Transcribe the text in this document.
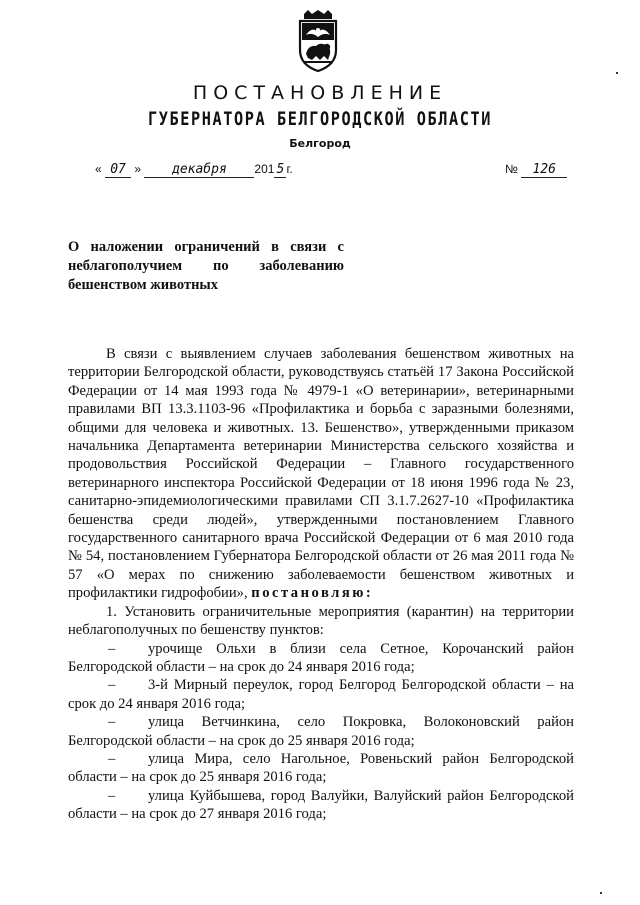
ПОСТАНОВЛЕНИЕ
ГУБЕРНАТОРА БЕЛГОРОДСКОЙ ОБЛАСТИ
Белгород
« 07 » декабря 201 5 г.	№ 126
О наложении ограничений в связи с
неблагополучием по заболеванию
бешенством животных

В связи с выявлением случаев заболевания бешенством животных на территории Белгородской области, руководствуясь статьёй 17 Закона Российской Федерации от 14 мая 1993 года № 4979-1 «О ветеринарии», ветеринарными правилами ВП 13.3.1103-96 «Профилактика и борьба с заразными болезнями, общими для человека и животных. 13. Бешенство», утвержденными приказом начальника Департамента ветеринарии Министерства сельского хозяйства и продовольствия Российской Федерации – Главного государственного ветеринарного инспектора Российской Федерации от 18 июня 1996 года № 23, санитарно-эпидемиологическими правилами СП 3.1.7.2627-10 «Профилактика бешенства среди людей», утвержденными постановлением Главного государственного санитарного врача Российской Федерации от 6 мая 2010 года № 54, постановлением Губернатора Белгородской области от 26 мая 2011 года № 57 «О мерах по снижению заболеваемости бешенством животных и профилактики гидрофобии», постановляю:

1. Установить ограничительные мероприятия (карантин) на территории неблагополучных по бешенству пунктов:

– урочище Ольхи в близи села Сетное, Корочанский район Белгородской области – на срок до 24 января 2016 года;

– 3-й Мирный переулок, город Белгород Белгородской области – на срок до 24 января 2016 года;

– улица Ветчинкина, село Покровка, Волоконовский район Белгородской области – на срок до 25 января 2016 года;

– улица Мира, село Нагольное, Ровеньский район Белгородской области – на срок до 25 января 2016 года;

– улица Куйбышева, город Валуйки, Валуйский район Белгородской области – на срок до 27 января 2016 года;
